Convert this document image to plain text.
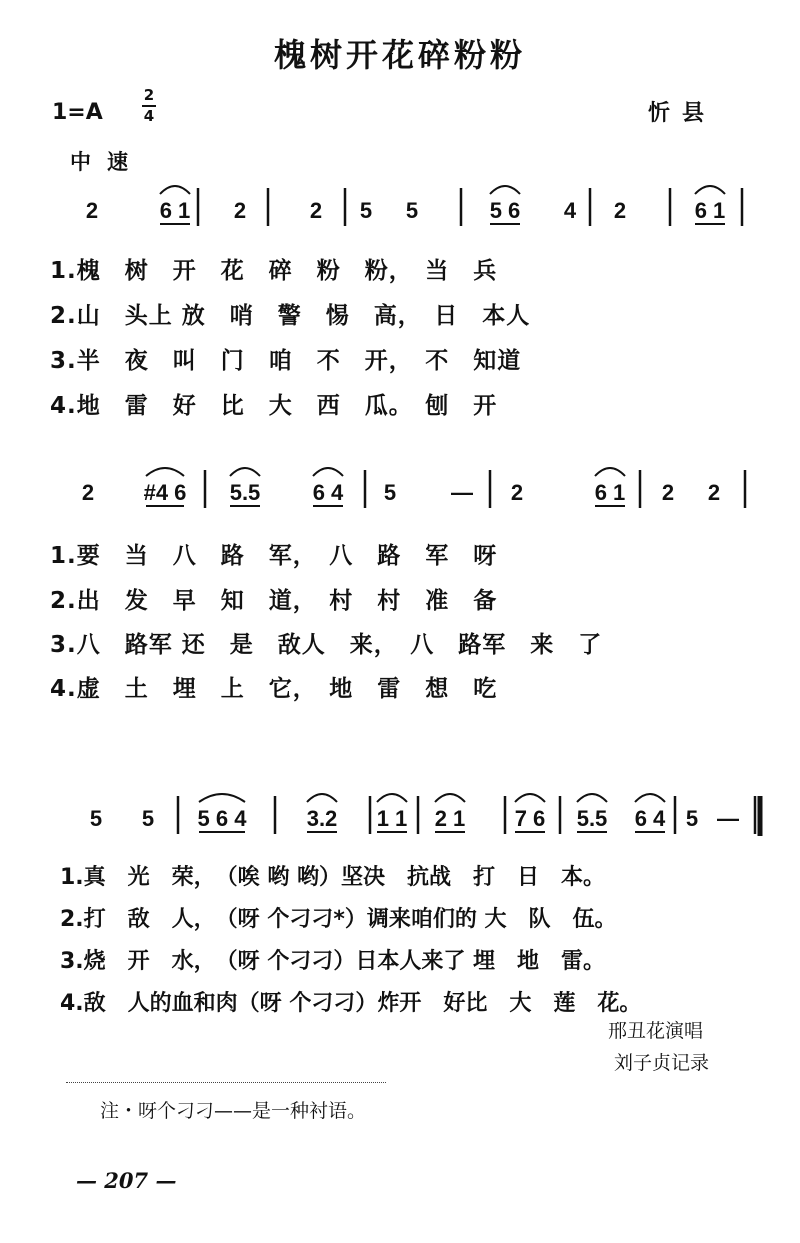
槐树开花碎粉粉
1=A
2
4	忻县
中速
2	6 1 2	2 5 5	5 6 4 2	6 1
2 #4 6 5.5 6 4 5 — 2	6 1 2 2
5 5 5 6 4	3.2 1 1 2 1 7 6 5.5 6 4 5 —
1.槐　树　开　花　碎　粉　粉，　当　兵
2.山　头上 放　哨　警　惕　高，　日　本人
3.半　夜　叫　门　咱　不　开，　不　知道
4.地　雷　好　比　大　西　瓜。　刨　开
1.要　当　八　路　军，　八　路　军　呀
2.出　发　早　知　道，　村　村　准　备
3.八　路军 还　是　敌人　来，　八　路军　来　了
4.虚　土　埋　上　它，　地　雷　想　吃
1.真　光　荣，　（唉 哟 哟）坚决　抗战　打　日　本。
2.打　敌　人，　（呀 个刁刁*）调来咱们的 大　队　伍。
3.烧　开　水，　（呀 个刁刁）日本人来了 埋　地　雷。
4.敌　人的血和肉（呀 个刁刁）炸开　好比　大　莲　花。
邢丑花演唱
刘子贞记录
注・呀个刁刁——是一种衬语。
— 207 —
